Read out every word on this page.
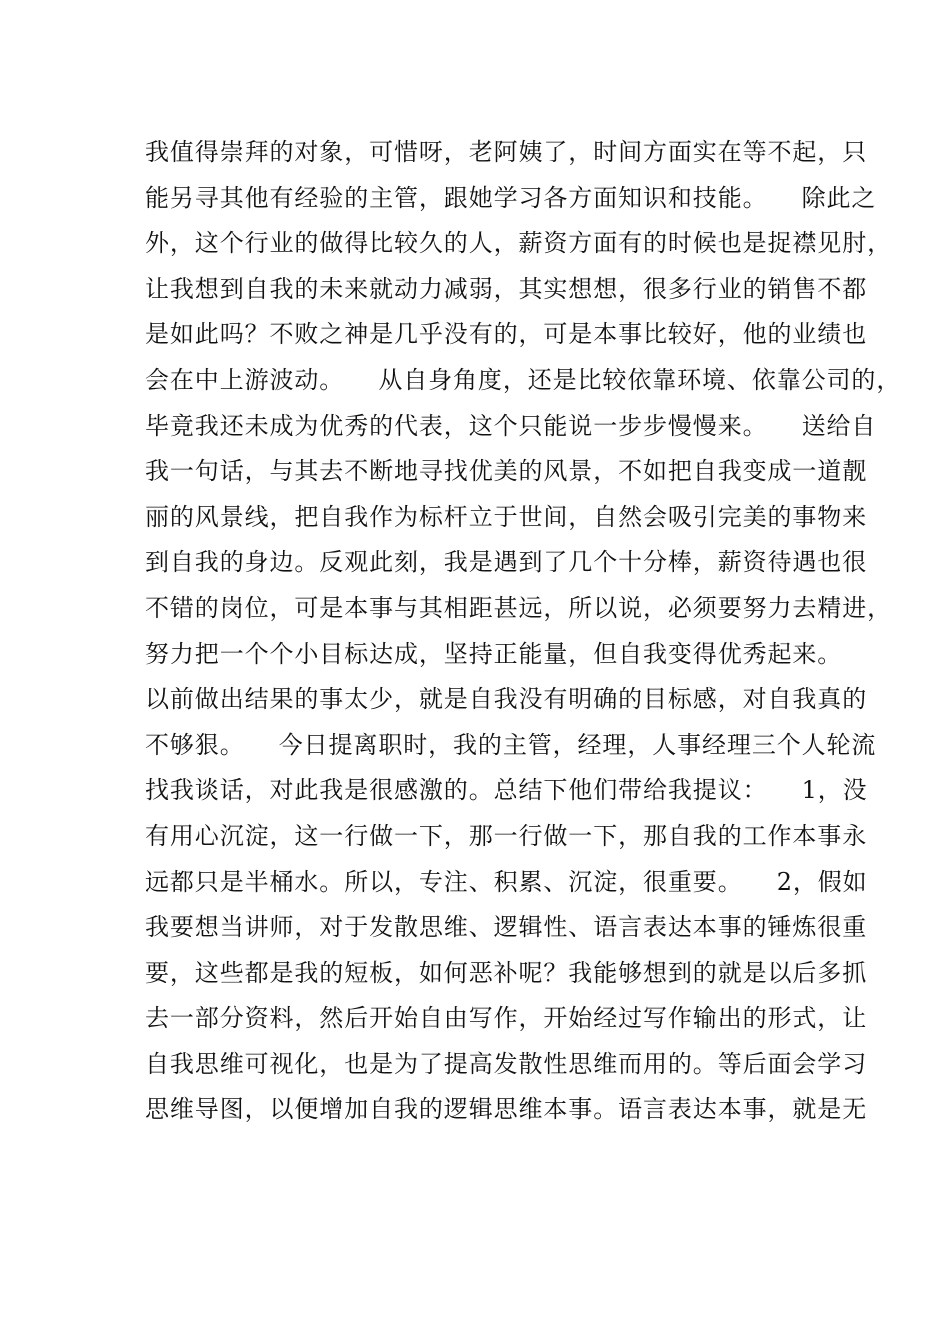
我值得崇拜的对象，可惜呀，老阿姨了，时间方面实在等不起，只
能另寻其他有经验的主管，跟她学习各方面知识和技能。    除此之
外，这个行业的做得比较久的人，薪资方面有的时候也是捉襟见肘，
让我想到自我的未来就动力减弱，其实想想，很多行业的销售不都
是如此吗？不败之神是几乎没有的，可是本事比较好，他的业绩也
会在中上游波动。    从自身角度，还是比较依靠环境、依靠公司的，
毕竟我还未成为优秀的代表，这个只能说一步步慢慢来。    送给自
我一句话，与其去不断地寻找优美的风景，不如把自我变成一道靓
丽的风景线，把自我作为标杆立于世间，自然会吸引完美的事物来
到自我的身边。反观此刻，我是遇到了几个十分棒，薪资待遇也很
不错的岗位，可是本事与其相距甚远，所以说，必须要努力去精进，
努力把一个个小目标达成，坚持正能量，但自我变得优秀起来。
以前做出结果的事太少，就是自我没有明确的目标感，对自我真的
不够狠。    今日提离职时，我的主管，经理，人事经理三个人轮流
找我谈话，对此我是很感激的。总结下他们带给我提议：    1，没
有用心沉淀，这一行做一下，那一行做一下，那自我的工作本事永
远都只是半桶水。所以，专注、积累、沉淀，很重要。    2，假如
我要想当讲师，对于发散思维、逻辑性、语言表达本事的锤炼很重
要，这些都是我的短板，如何恶补呢？我能够想到的就是以后多抓
去一部分资料，然后开始自由写作，开始经过写作输出的形式，让
自我思维可视化，也是为了提高发散性思维而用的。等后面会学习
思维导图，以便增加自我的逻辑思维本事。语言表达本事，就是无
